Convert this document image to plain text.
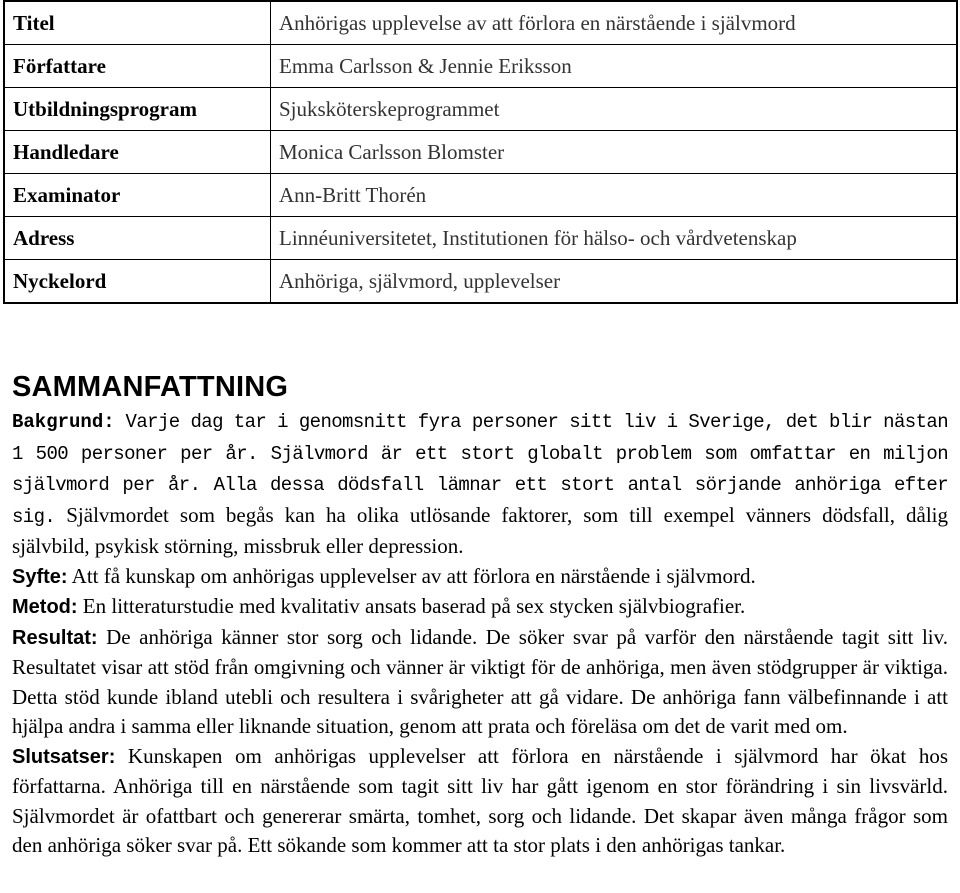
Titel	Anhörigas upplevelse av att förlora en närstående i självmord
Författare	Emma Carlsson & Jennie Eriksson
Utbildningsprogram	Sjuksköterskeprogrammet
Handledare	Monica Carlsson Blomster
Examinator	Ann-Britt Thorén
Adress	Linnéuniversitetet, Institutionen för hälso- och vårdvetenskap
Nyckelord	Anhöriga, självmord, upplevelser
SAMMANFATTNING

Bakgrund: Varje dag tar i genomsnitt fyra personer sitt liv i Sverige, det blir nästan 1 500 personer per år. Självmord är ett stort globalt problem som omfattar en miljon självmord per år. Alla dessa dödsfall lämnar ett stort antal sörjande anhöriga efter sig. Självmordet som begås kan ha olika utlösande faktorer, som till exempel vänners dödsfall, dålig självbild, psykisk störning, missbruk eller depression.

Syfte: Att få kunskap om anhörigas upplevelser av att förlora en närstående i självmord.

Metod: En litteraturstudie med kvalitativ ansats baserad på sex stycken självbiografier.

Resultat: De anhöriga känner stor sorg och lidande. De söker svar på varför den närstående tagit sitt liv. Resultatet visar att stöd från omgivning och vänner är viktigt för de anhöriga, men även stödgrupper är viktiga. Detta stöd kunde ibland utebli och resultera i svårigheter att gå vidare. De anhöriga fann välbefinnande i att hjälpa andra i samma eller liknande situation, genom att prata och föreläsa om det de varit med om.

Slutsatser: Kunskapen om anhörigas upplevelser att förlora en närstående i självmord har ökat hos författarna. Anhöriga till en närstående som tagit sitt liv har gått igenom en stor förändring i sin livsvärld. Självmordet är ofattbart och genererar smärta, tomhet, sorg och lidande. Det skapar även många frågor som den anhöriga söker svar på. Ett sökande som kommer att ta stor plats i den anhörigas tankar.
